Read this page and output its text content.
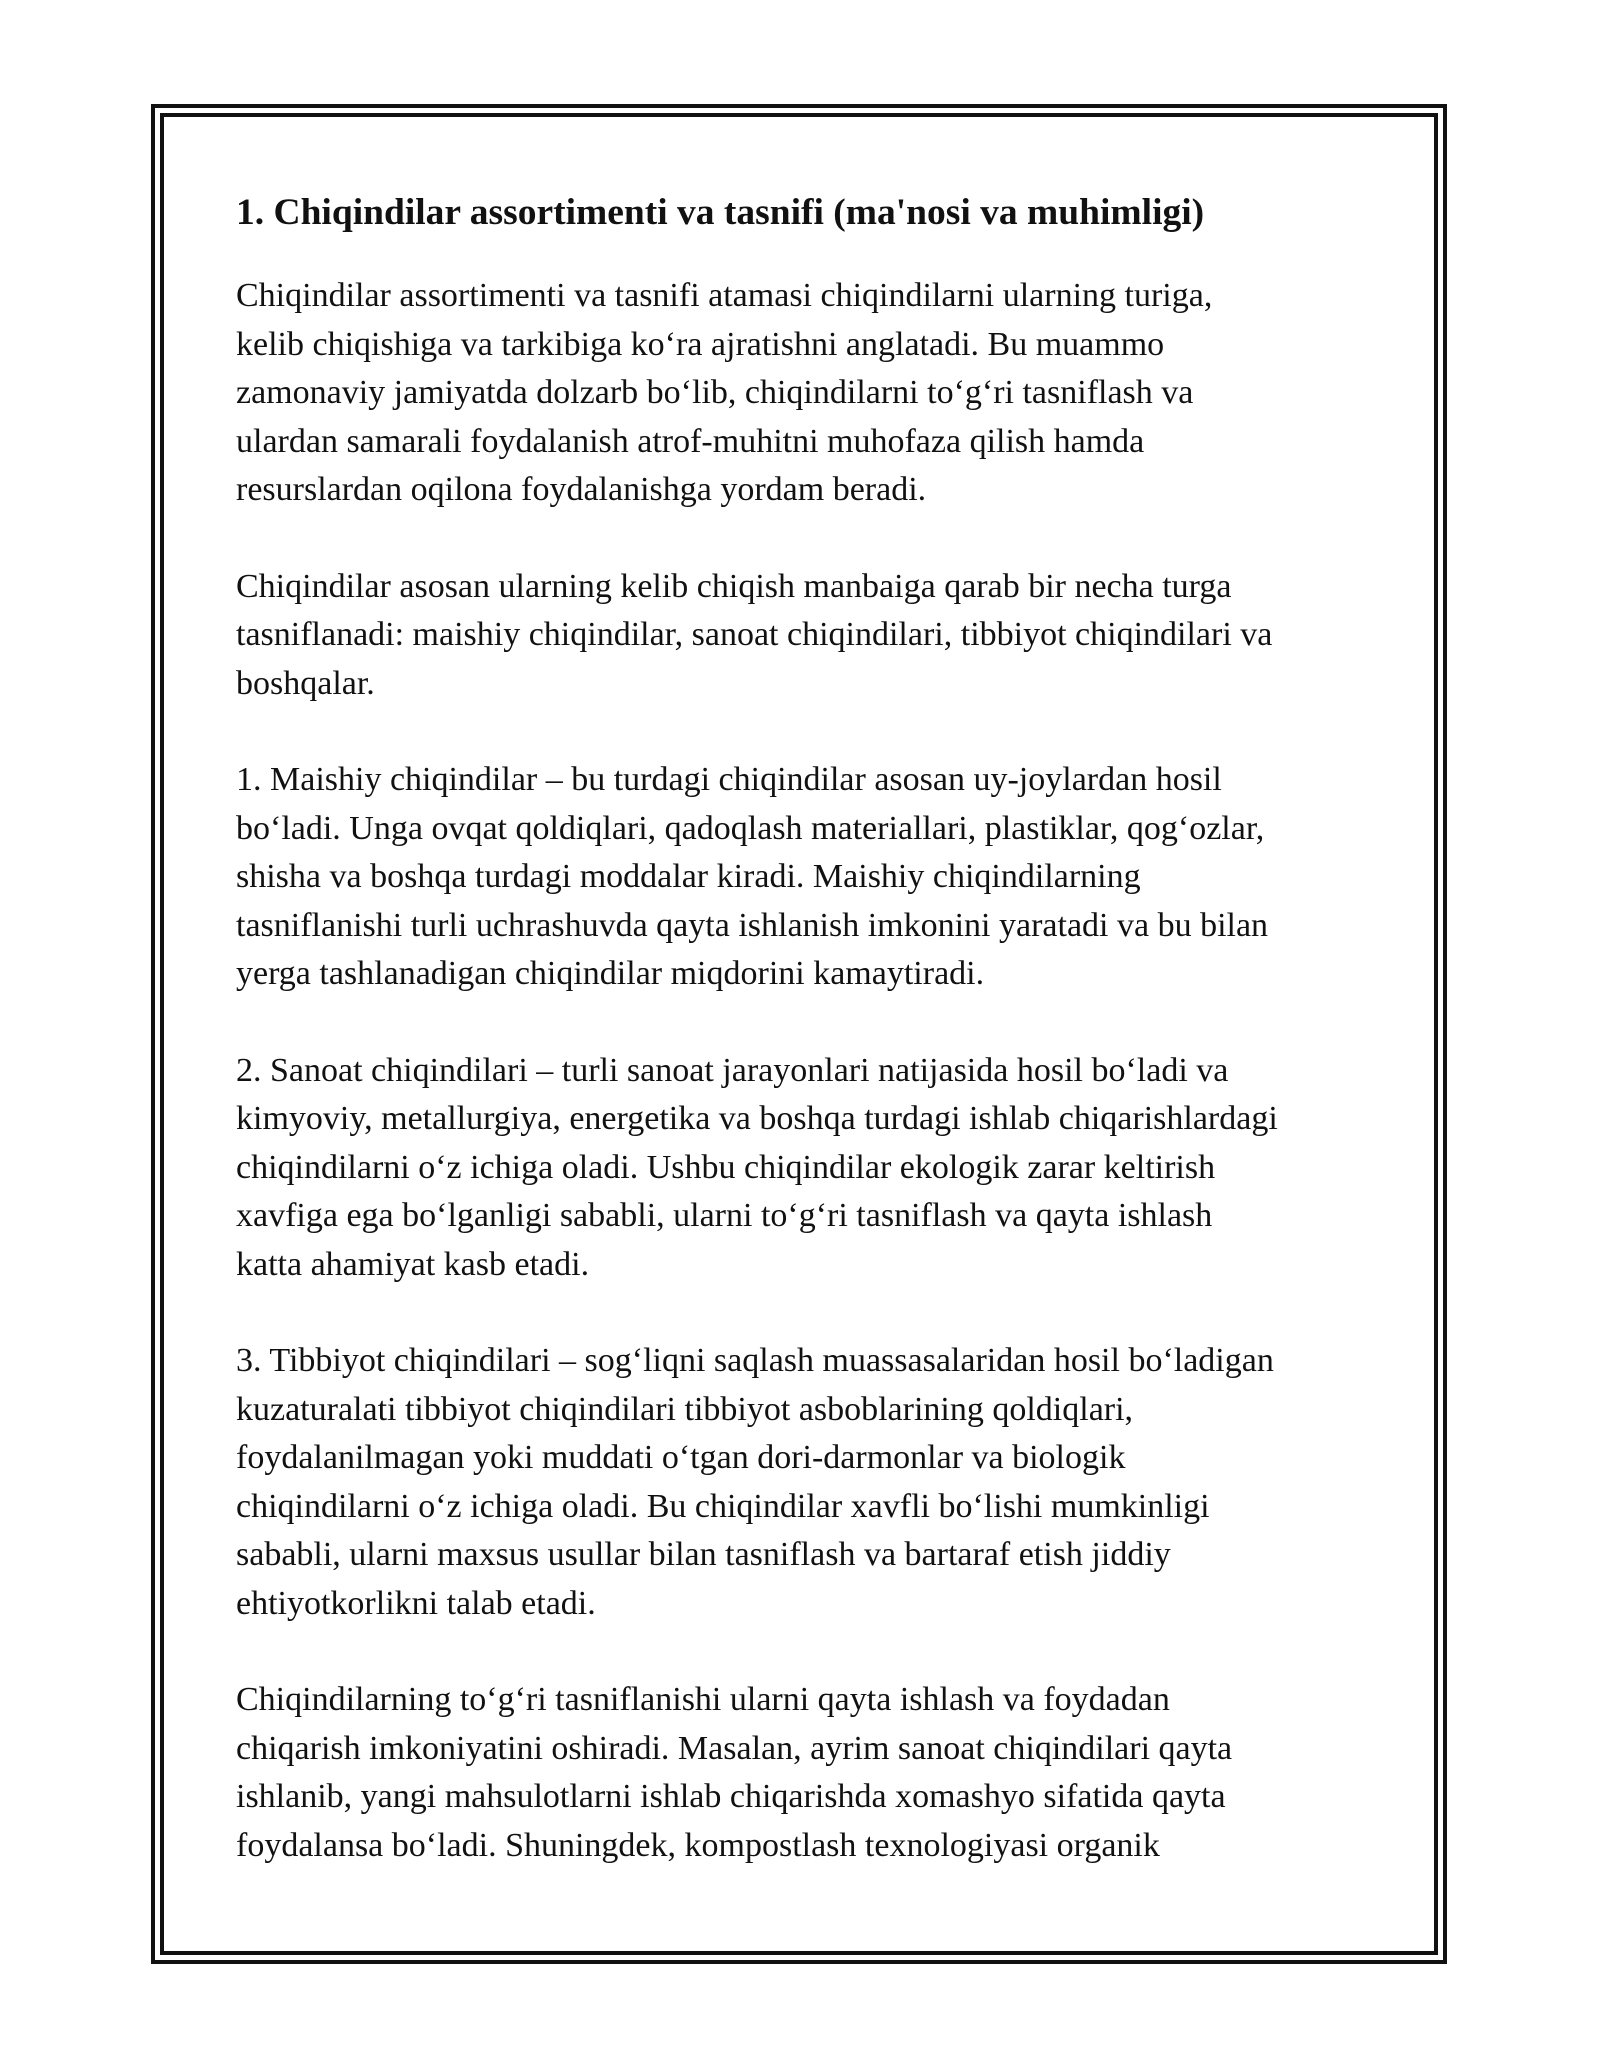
1. Chiqindilar assortimenti va tasnifi (ma'nosi va muhimligi)

Chiqindilar assortimenti va tasnifi atamasi chiqindilarni ularning turiga,
kelib chiqishiga va tarkibiga koʻra ajratishni anglatadi. Bu muammo
zamonaviy jamiyatda dolzarb boʻlib, chiqindilarni toʻgʻri tasniflash va
ulardan samarali foydalanish atrof-muhitni muhofaza qilish hamda
resurslardan oqilona foydalanishga yordam beradi.

Chiqindilar asosan ularning kelib chiqish manbaiga qarab bir necha turga
tasniflanadi: maishiy chiqindilar, sanoat chiqindilari, tibbiyot chiqindilari va
boshqalar.

1. Maishiy chiqindilar – bu turdagi chiqindilar asosan uy-joylardan hosil
boʻladi. Unga ovqat qoldiqlari, qadoqlash materiallari, plastiklar, qogʻozlar,
shisha va boshqa turdagi moddalar kiradi. Maishiy chiqindilarning
tasniflanishi turli uchrashuvda qayta ishlanish imkonini yaratadi va bu bilan
yerga tashlanadigan chiqindilar miqdorini kamaytiradi.

2. Sanoat chiqindilari – turli sanoat jarayonlari natijasida hosil boʻladi va
kimyoviy, metallurgiya, energetika va boshqa turdagi ishlab chiqarishlardagi
chiqindilarni oʻz ichiga oladi. Ushbu chiqindilar ekologik zarar keltirish
xavfiga ega boʻlganligi sababli, ularni toʻgʻri tasniflash va qayta ishlash
katta ahamiyat kasb etadi.

3. Tibbiyot chiqindilari – sogʻliqni saqlash muassasalaridan hosil boʻladigan
kuzaturalati tibbiyot chiqindilari tibbiyot asboblarining qoldiqlari,
foydalanilmagan yoki muddati oʻtgan dori-darmonlar va biologik
chiqindilarni oʻz ichiga oladi. Bu chiqindilar xavfli boʻlishi mumkinligi
sababli, ularni maxsus usullar bilan tasniflash va bartaraf etish jiddiy
ehtiyotkorlikni talab etadi.

Chiqindilarning toʻgʻri tasniflanishi ularni qayta ishlash va foydadan
chiqarish imkoniyatini oshiradi. Masalan, ayrim sanoat chiqindilari qayta
ishlanib, yangi mahsulotlarni ishlab chiqarishda xomashyo sifatida qayta
foydalansa boʻladi. Shuningdek, kompostlash texnologiyasi organik
